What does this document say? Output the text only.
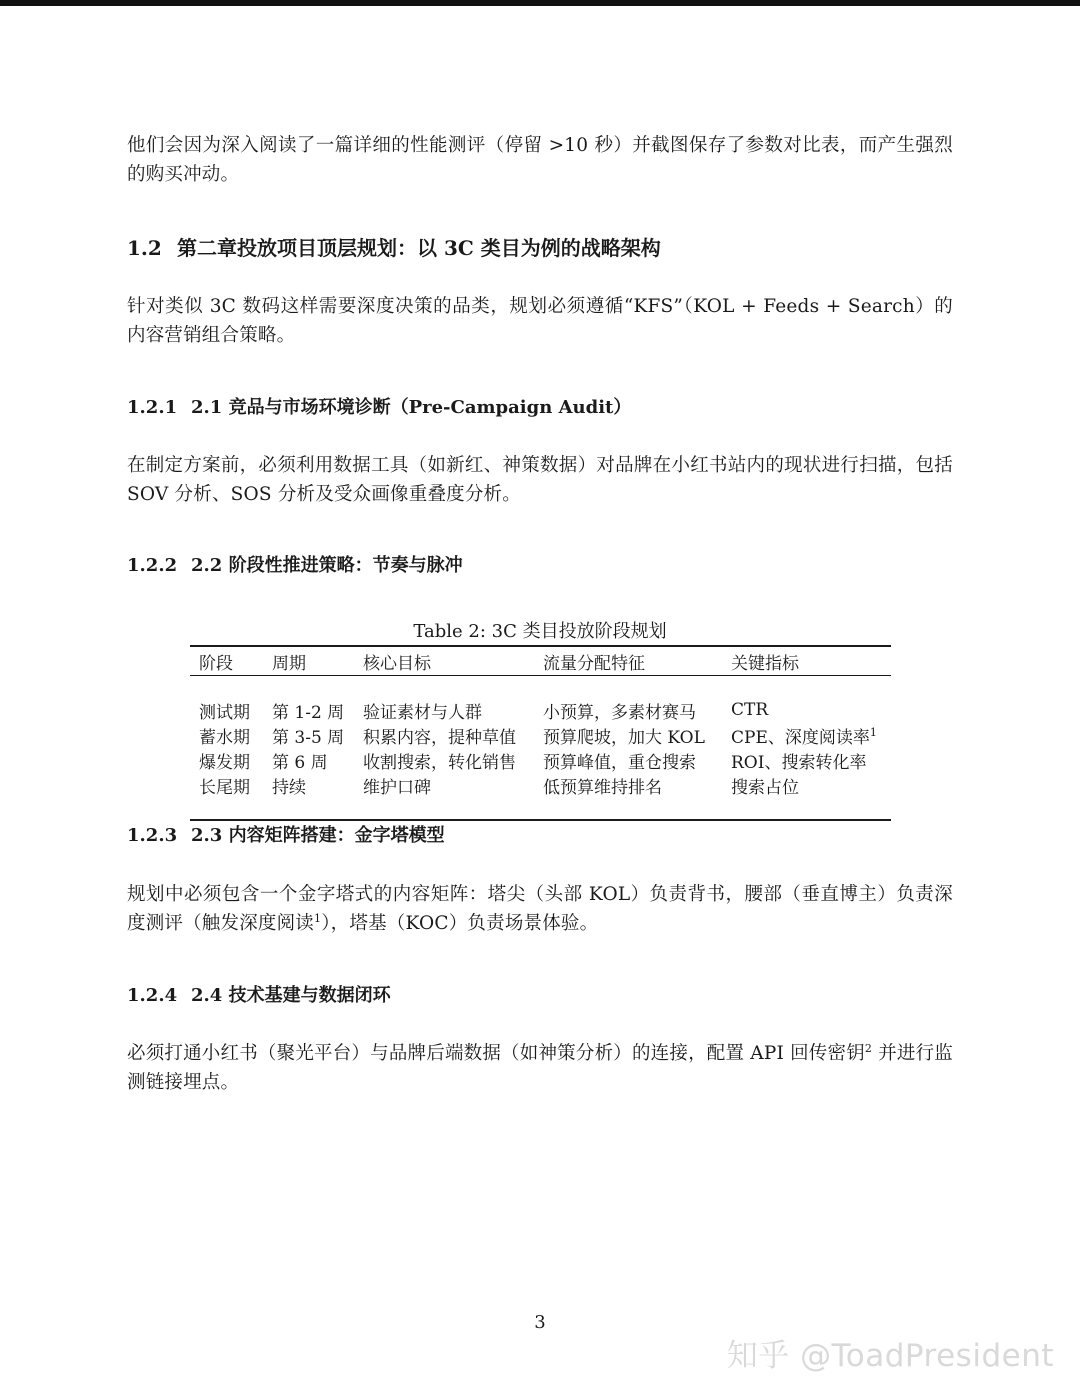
他们会因为深入阅读了一篇详细的性能测评（停留 >10 秒）并截图保存了参数对比表，而产生强烈的购买冲动。

1.2 第二章投放项目顶层规划：以 3C 类目为例的战略架构

针对类似 3C 数码这样需要深度决策的品类，规划必须遵循“KFS”（KOL + Feeds + Search）的内容营销组合策略。

1.2.1 2.1 竞品与市场环境诊断（Pre-Campaign Audit）

在制定方案前，必须利用数据工具（如新红、神策数据）对品牌在小红书站内的现状进行扫描，包括 SOV 分析、SOS 分析及受众画像重叠度分析。

1.2.2 2.2 阶段性推进策略：节奏与脉冲
Table 2: 3C 类目投放阶段规划
阶段	周期	核心目标	流量分配特征	关键指标

测试期	第 1-2 周	验证素材与人群	小预算，多素材赛马	CTR
蓄水期	第 3-5 周	积累内容，提种草值	预算爬坡，加大 KOL	CPE、深度阅读率$^1$
爆发期	第 6 周	收割搜索，转化销售	预算峰值，重仓搜索	ROI、搜索转化率
长尾期	持续	维护口碑	低预算维持排名	搜索占位

1.2.3 2.3 内容矩阵搭建：金字塔模型

规划中必须包含一个金字塔式的内容矩阵：塔尖（头部 KOL）负责背书，腰部（垂直博主）负责深度测评（触发深度阅读$^1$），塔基（KOC）负责场景体验。

1.2.4 2.4 技术基建与数据闭环

必须打通小红书（聚光平台）与品牌后端数据（如神策分析）的连接，配置 API 回传密钥$^2$ 并进行监测链接埋点。

3
知乎 @ToadPresident
